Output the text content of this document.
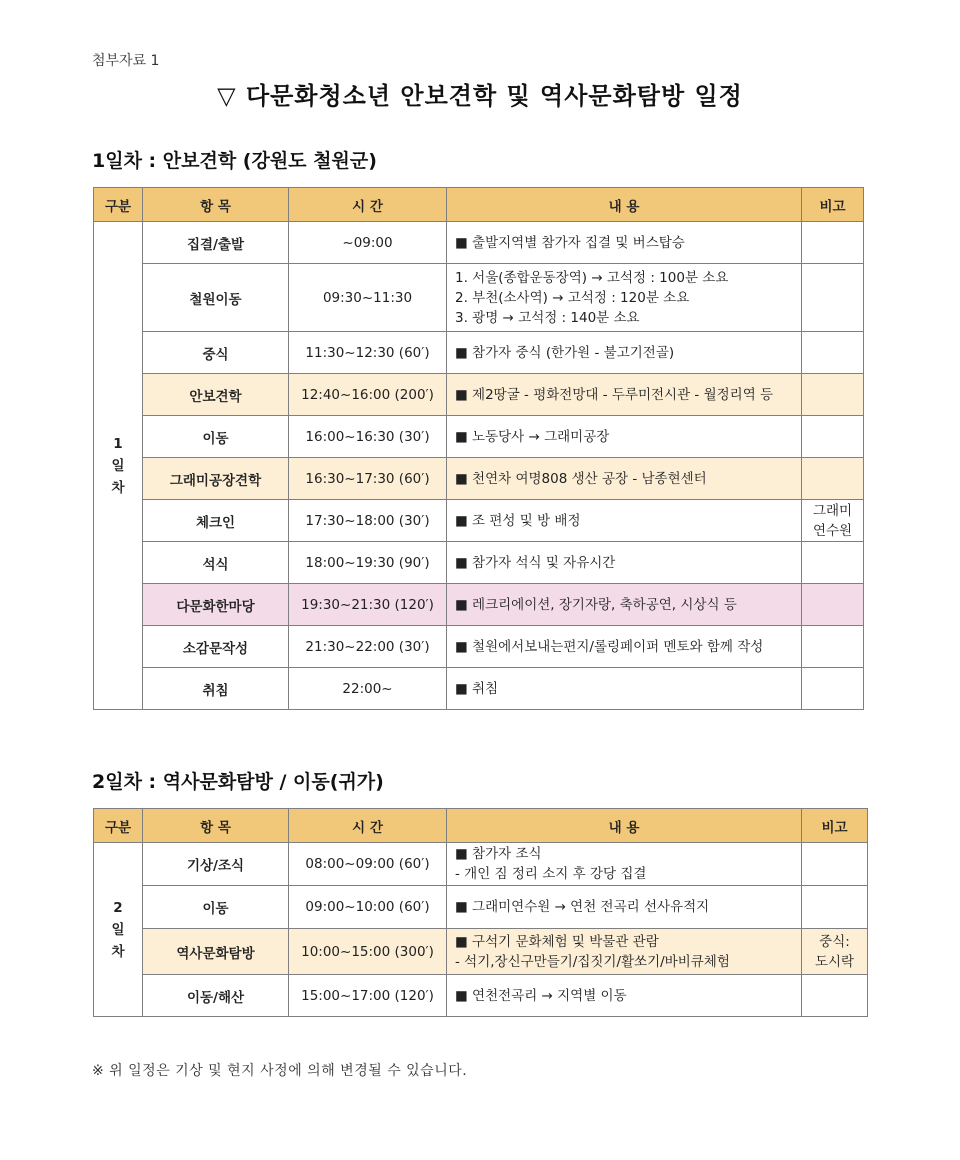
첨부자료 1
▽ 다문화청소년 안보견학 및 역사문화탐방 일정
1일차 : 안보견학 (강원도 철원군)
구분	항 목	시 간	내 용	비고

1
일
차	집결/출발	~09:00	■ 출발지역별 참가자 집결 및 버스탑승	

	철원이동	09:30~11:30	1. 서울(종합운동장역) → 고석정 : 100분 소요
2. 부천(소사역) → 고석정 : 120분 소요
3. 광명 → 고석정 : 140분 소요	

	중식	11:30~12:30 (60′)	■ 참가자 중식 (한가원 - 불고기전골)	

	안보견학	12:40~16:00 (200′)	■ 제2땅굴 - 평화전망대 - 두루미전시관 - 월정리역 등	

	이동	16:00~16:30 (30′)	■ 노동당사 → 그래미공장	

	그래미공장견학	16:30~17:30 (60′)	■ 천연차 여명808 생산 공장 - 남종현센터	

	체크인	17:30~18:00 (30′)	■ 조 편성 및 방 배정	그래미
연수원

	석식	18:00~19:30 (90′)	■ 참가자 석식 및 자유시간	

	다문화한마당	19:30~21:30 (120′)	■ 레크리에이션, 장기자랑, 축하공연, 시상식 등	

	소감문작성	21:30~22:00 (30′)	■ 철원에서보내는편지/롤링페이퍼 멘토와 함께 작성	

	취침	22:00~	■ 취침	

2일차 : 역사문화탐방 / 이동(귀가)
구분	항 목	시 간	내 용	비고

2
일
차	기상/조식	08:00~09:00 (60′)	■ 참가자 조식
- 개인 짐 정리 소지 후 강당 집결	

	이동	09:00~10:00 (60′)	■ 그래미연수원 → 연천 전곡리 선사유적지	

	역사문화탐방	10:00~15:00 (300′)	■ 구석기 문화체험 및 박물관 관람
- 석기,장신구만들기/집짓기/활쏘기/바비큐체험	중식:
도시락

	이동/해산	15:00~17:00 (120′)	■ 연천전곡리 → 지역별 이동	

※ 위 일정은 기상 및 현지 사정에 의해 변경될 수 있습니다.
